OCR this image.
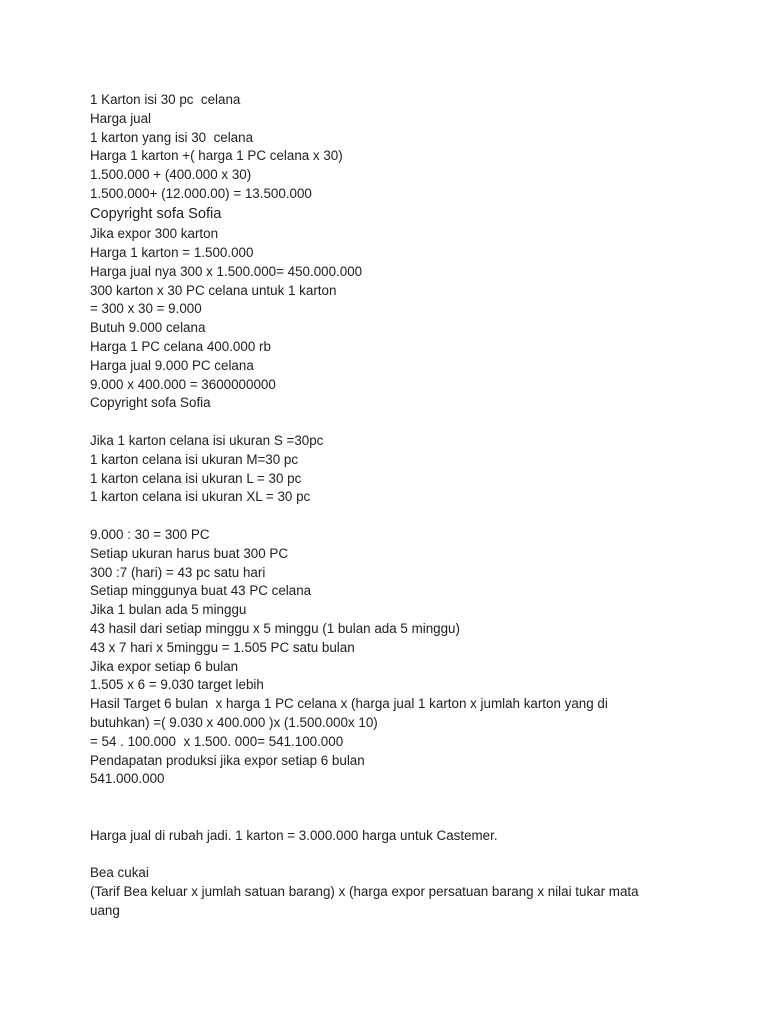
1 Karton isi 30 pc  celana
Harga jual
1 karton yang isi 30  celana
Harga 1 karton +( harga 1 PC celana x 30)
1.500.000 + (400.000 x 30)
1.500.000+ (12.000.00) = 13.500.000
Copyright sofa Sofia
Jika expor 300 karton
Harga 1 karton = 1.500.000
Harga jual nya 300 x 1.500.000= 450.000.000
300 karton x 30 PC celana untuk 1 karton
= 300 x 30 = 9.000
Butuh 9.000 celana
Harga 1 PC celana 400.000 rb
Harga jual 9.000 PC celana
9.000 x 400.000 = 3600000000
Copyright sofa Sofia
Jika 1 karton celana isi ukuran S =30pc
1 karton celana isi ukuran M=30 pc
1 karton celana isi ukuran L = 30 pc
1 karton celana isi ukuran XL = 30 pc
9.000 : 30 = 300 PC
Setiap ukuran harus buat 300 PC
300 :7 (hari) = 43 pc satu hari
Setiap minggunya buat 43 PC celana
Jika 1 bulan ada 5 minggu
43 hasil dari setiap minggu x 5 minggu (1 bulan ada 5 minggu)
43 x 7 hari x 5minggu = 1.505 PC satu bulan
Jika expor setiap 6 bulan
1.505 x 6 = 9.030 target lebih
Hasil Target 6 bulan  x harga 1 PC celana x (harga jual 1 karton x jumlah karton yang di
butuhkan) =( 9.030 x 400.000 )x (1.500.000x 10)
= 54 . 100.000  x 1.500. 000= 541.100.000
Pendapatan produksi jika expor setiap 6 bulan
541.000.000
Harga jual di rubah jadi. 1 karton = 3.000.000 harga untuk Castemer.
Bea cukai
(Tarif Bea keluar x jumlah satuan barang) x (harga expor persatuan barang x nilai tukar mata
uang
